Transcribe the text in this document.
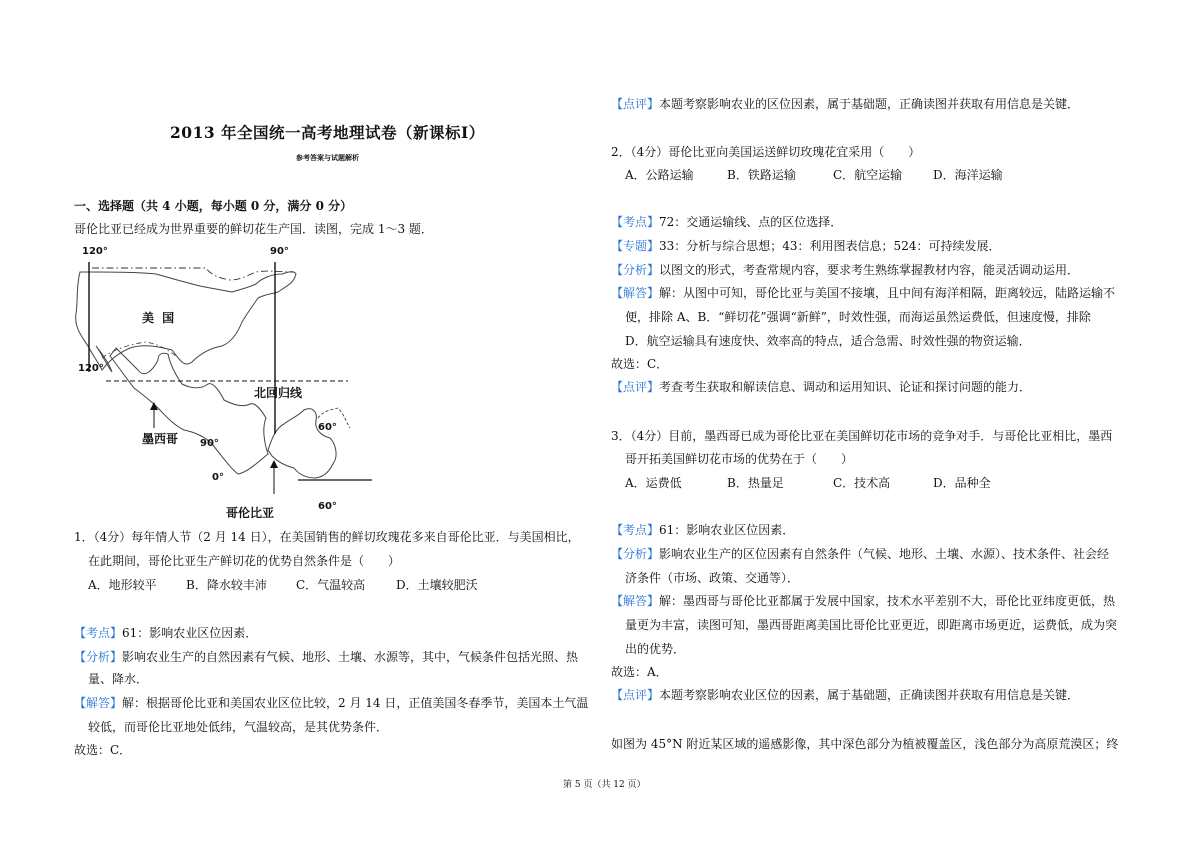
2013 年全国统一高考地理试卷（新课标Ⅰ）
参考答案与试题解析
一、选择题（共 4 小题，每小题 0 分，满分 0 分）
哥伦比亚已经成为世界重要的鲜切花生产国．读图，完成 1～3 题．
120°	90°
120°
美 国
北回归线
墨西哥 90°
60°
0°
60°
哥伦比亚
1．（4分）每年情人节（2 月 14 日），在美国销售的鲜切玫瑰花多来自哥伦比亚．与美国相比，
在此期间，哥伦比亚生产鲜切花的优势自然条件是（　　）
A．地形较平 B．降水较丰沛 C．气温较高	D．土壤较肥沃
【考点】61：影响农业区位因素．
【分析】影响农业生产的自然因素有气候、地形、土壤、水源等，其中，气候条件包括光照、热
量、降水．
【解答】解：根据哥伦比亚和美国农业区位比较，2 月 14 日，正值美国冬春季节，美国本土气温
较低，而哥伦比亚地处低纬，气温较高，是其优势条件．
故选：C．
【点评】本题考察影响农业的区位因素，属于基础题，正确读图并获取有用信息是关键．
2．（4分）哥伦比亚向美国运送鲜切玫瑰花宜采用（　　）
A．公路运输	B．铁路运输	C．航空运输	D．海洋运输
【考点】72：交通运输线、点的区位选择．
【专题】33：分析与综合思想；43：利用图表信息；524：可持续发展．
【分析】以图文的形式，考查常规内容，要求考生熟练掌握教材内容，能灵活调动运用．
【解答】解：从图中可知，哥伦比亚与美国不接壤，且中间有海洋相隔，距离较远，陆路运输不
便，排除 A、B．“鲜切花”强调“新鲜”，时效性强，而海运虽然运费低，但速度慢，排除
D．航空运输具有速度快、效率高的特点，适合急需、时效性强的物资运输．
故选：C．
【点评】考查考生获取和解读信息、调动和运用知识、论证和探讨问题的能力．
3．（4分）目前，墨西哥已成为哥伦比亚在美国鲜切花市场的竞争对手．与哥伦比亚相比，墨西
哥开拓美国鲜切花市场的优势在于（　　）
A．运费低	B．热量足	C．技术高	D．品种全
【考点】61：影响农业区位因素．
【分析】影响农业生产的区位因素有自然条件（气候、地形、土壤、水源）、技术条件、社会经
济条件（市场、政策、交通等）．
【解答】解：墨西哥与哥伦比亚都属于发展中国家，技术水平差别不大，哥伦比亚纬度更低，热
量更为丰富，读图可知，墨西哥距离美国比哥伦比亚更近，即距离市场更近，运费低，成为突
出的优势．
故选：A．
【点评】本题考察影响农业区位的因素，属于基础题，正确读图并获取有用信息是关键．
如图为 45°N 附近某区域的遥感影像，其中深色部分为植被覆盖区，浅色部分为高原荒漠区；终
第 5 页（共 12 页）
